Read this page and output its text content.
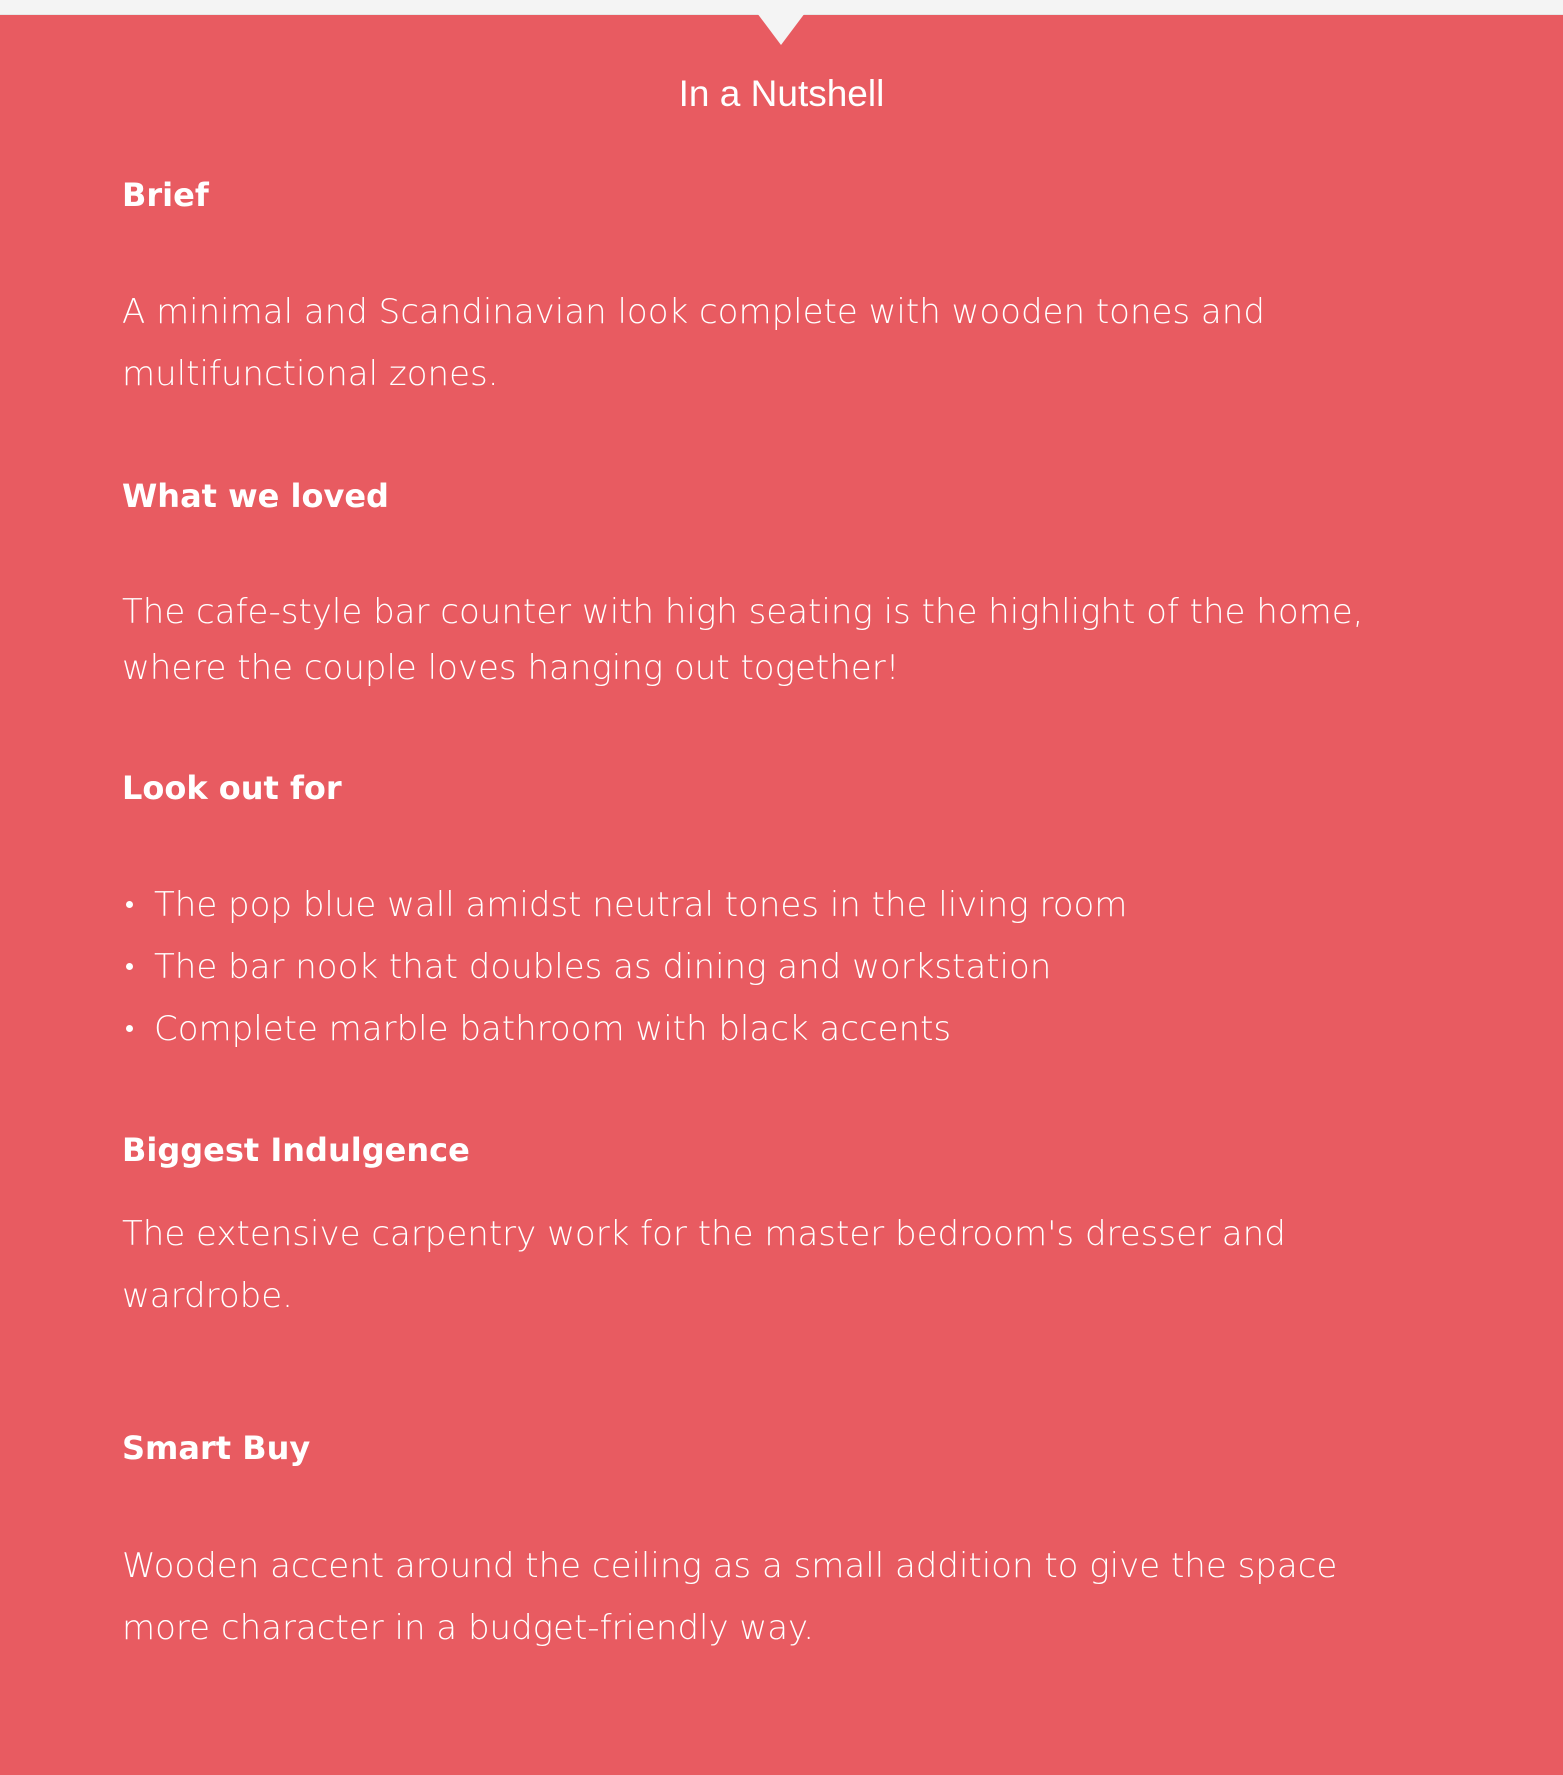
In a Nutshell
Brief
A minimal and Scandinavian look complete with wooden tones and
multifunctional zones.
What we loved
The cafe-style bar counter with high seating is the highlight of the home,
where the couple loves hanging out together!
Look out for
The pop blue wall amidst neutral tones in the living room
The bar nook that doubles as dining and workstation
Complete marble bathroom with black accents
Biggest Indulgence
The extensive carpentry work for the master bedroom's dresser and
wardrobe.
Smart Buy
Wooden accent around the ceiling as a small addition to give the space
more character in a budget-friendly way.
